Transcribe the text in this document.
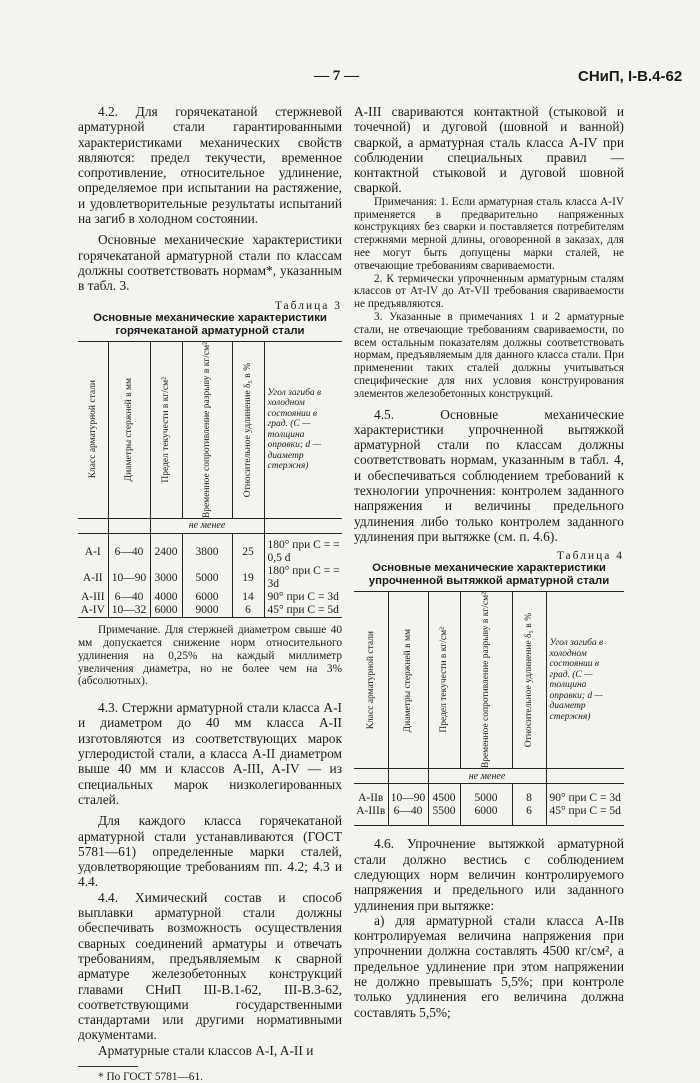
— 7 —	СНиП, I-В.4-62

4.2. Для горячекатаной стержневой арматурной стали гарантированными характеристиками механических свойств являются: предел текучести, временное сопротивление, относительное удлинение, определяемое при испытании на растяжение, и удовлетворительные результаты испытаний на загиб в холодном состоянии.

Основные механические характеристики горячекатаной арматурной стали по классам должны соответствовать нормам*, указанным в табл. 3.

Таблица 3
Основные механические характеристики горячекатаной арматурной стали
Класс арматурной стали	Диаметры стержней в мм	Предел текучести в кг/см²	Временное сопротивление разрыву в кг/см²	Относительное удлинение δ₅ в %	Угол загиба в холодном состоянии в град. (С — толщина оправки; d — диаметр стержня)

		не менее			

A-I	6—40	2400	3800	25	180° при С = = 0,5 d
A-II	10—90	3000	5000	19	180° при С = = 3d
A-III	6—40	4000	6000	14	90° при С = 3d
A-IV	10—32	6000	9000	6	45° при С = 5d

Примечание. Для стержней диаметром свыше 40 мм допускается снижение норм относительного удлинения на 0,25% на каждый миллиметр увеличения диаметра, но не более чем на 3% (абсолютных).

4.3. Стержни арматурной стали класса A-I и диаметром до 40 мм класса A-II изготовляются из соответствующих марок углеродистой стали, а класса A-II диаметром выше 40 мм и классов A-III, A-IV — из специальных марок низколегированных сталей.

Для каждого класса горячекатаной арматурной стали устанавливаются (ГОСТ 5781—61) определенные марки сталей, удовлетворяющие требованиям пп. 4.2; 4.3 и 4.4.

4.4. Химический состав и способ выплавки арматурной стали должны обеспечивать возможность осуществления сварных соединений арматуры и отвечать требованиям, предъявляемым к сварной арматуре железобетонных конструкций главами СНиП III-В.1-62, III-В.3-62, соответствующими государственными стандартами или другими нормативными документами.

Арматурные стали классов A-I, A-II и

* По ГОСТ 5781—61.

A-III свариваются контактной (стыковой и точечной) и дуговой (шовной и ванной) сваркой, а арматурная сталь класса A-IV при соблюдении специальных правил — контактной стыковой и дуговой шовной сваркой.

Примечания: 1. Если арматурная сталь класса A-IV применяется в предварительно напряженных конструкциях без сварки и поставляется потребителям стержнями мерной длины, оговоренной в заказах, для нее могут быть допущены марки сталей, не отвечающие требованиям свариваемости.

2. К термически упрочненным арматурным сталям классов от Ат-IV до Ат-VII требования свариваемости не предъявляются.

3. Указанные в примечаниях 1 и 2 арматурные стали, не отвечающие требованиям свариваемости, по всем остальным показателям должны соответствовать нормам, предъявляемым для данного класса стали. При применении таких сталей должны учитываться специфические для них условия конструирования элементов железобетонных конструкций.

4.5. Основные механические характеристики упрочненной вытяжкой арматурной стали по классам должны соответствовать нормам, указанным в табл. 4, и обеспечиваться соблюдением требований к технологии упрочнения: контролем заданного напряжения и величины предельного удлинения либо только контролем заданного удлинения при вытяжке (см. п. 4.6).

Таблица 4
Основные механические характеристики упрочненной вытяжкой арматурной стали
Класс арматурной стали	Диаметры стержней в мм	Предел текучести в кг/см²	Временное сопротивление разрыву в кг/см²	Относительное удлинение δ₅ в %	Угол загиба в холодном состоянии в град. (С — толщина оправки; d — диаметр стержня)

		не менее			

A-IIв	10—90	4500	5000	8	90° при С = 3d
A-IIIв	6—40	5500	6000	6	45° при С = 5d

4.6. Упрочнение вытяжкой арматурной стали должно вестись с соблюдением следующих норм величин контролируемого напряжения и предельного или заданного удлинения при вытяжке:

а) для арматурной стали класса A-IIв контролируемая величина напряжения при упрочнении должна составлять 4500 кг/см², а предельное удлинение при этом напряжении не должно превышать 5,5%; при контроле только удлинения его величина должна составлять 5,5%;
